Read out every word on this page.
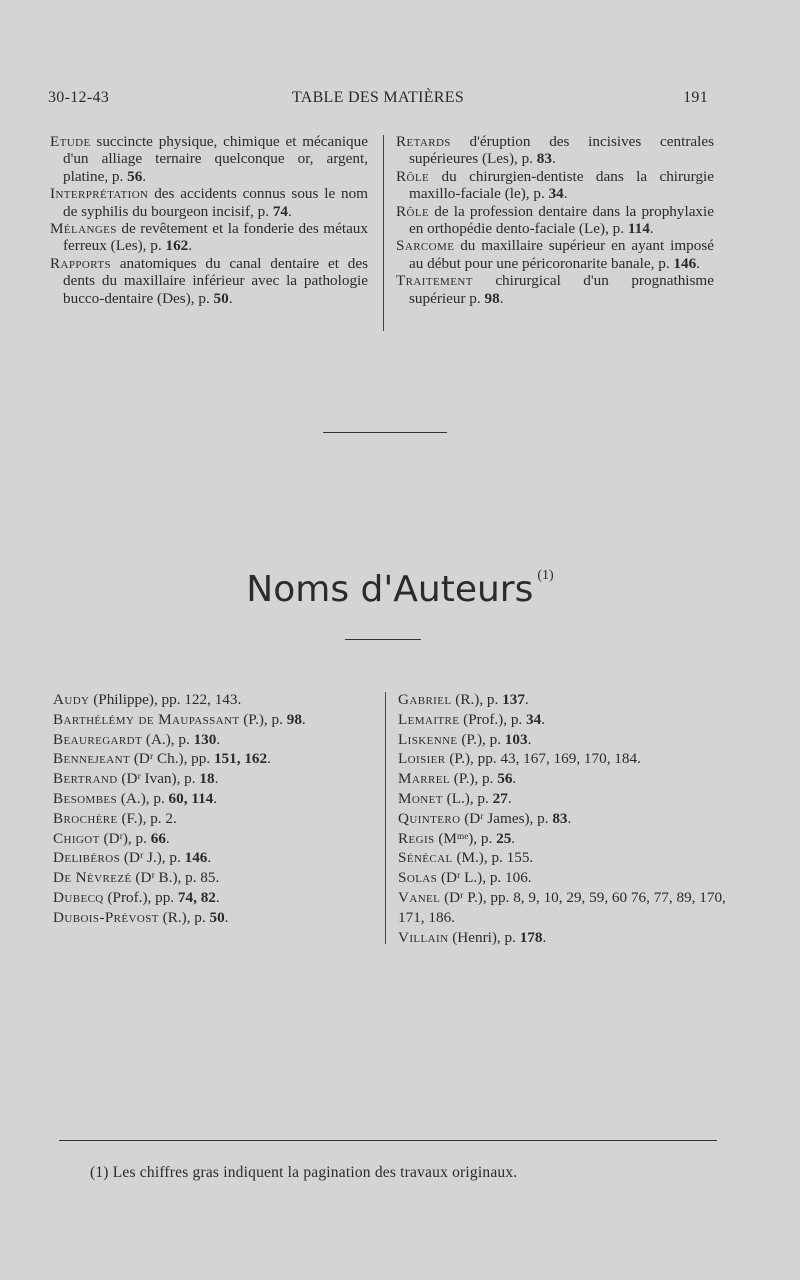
30-12-43	TABLE DES MATIÈRES	191

Etude succincte physique, chimique et mécanique d'un alliage ternaire quelconque or, argent, platine, p. 56.

Interprétation des accidents connus sous le nom de syphilis du bourgeon incisif, p. 74.

Mélanges de revêtement et la fonderie des métaux ferreux (Les), p. 162.

Rapports anatomiques du canal dentaire et des dents du maxillaire inférieur avec la pathologie bucco-dentaire (Des), p. 50.

Retards d'éruption des incisives centrales supérieures (Les), p. 83.

Rôle du chirurgien-dentiste dans la chirurgie maxillo-faciale (le), p. 34.

Rôle de la profession dentaire dans la prophylaxie en orthopédie dento-faciale (Le), p. 114.

Sarcome du maxillaire supérieur en ayant imposé au début pour une péricoronarite banale, p. 146.

Traitement chirurgical d'un prognathisme supérieur p. 98.

Noms d'Auteurs $^{(1)}$

Audy (Philippe), pp. 122, 143.

Barthélémy de Maupassant (P.), p. 98.

Beauregardt (A.), p. 130.

Bennejeant (Dʳ Ch.), pp. 151, 162.

Bertrand (Dʳ Ivan), p. 18.

Besombes (A.), p. 60, 114.

Brochère (F.), p. 2.

Chigot (Dʳ), p. 66.

Delibéros (Dʳ J.), p. 146.

De Nèvrezé (Dʳ B.), p. 85.

Dubecq (Prof.), pp. 74, 82.

Dubois-Prévost (R.), p. 50.

Gabriel (R.), p. 137.

Lemaitre (Prof.), p. 34.

Liskenne (P.), p. 103.

Loisier (P.), pp. 43, 167, 169, 170, 184.

Marrel (P.), p. 56.

Monet (L.), p. 27.

Quintero (Dʳ James), p. 83.

Regis (Mᵐᵉ), p. 25.

Sénécal (M.), p. 155.

Solas (Dʳ L.), p. 106.

Vanel (Dʳ P.), pp. 8, 9, 10, 29, 59, 60 76, 77, 89, 170, 171, 186.

Villain (Henri), p. 178.

(1) Les chiffres gras indiquent la pagination des travaux originaux.
